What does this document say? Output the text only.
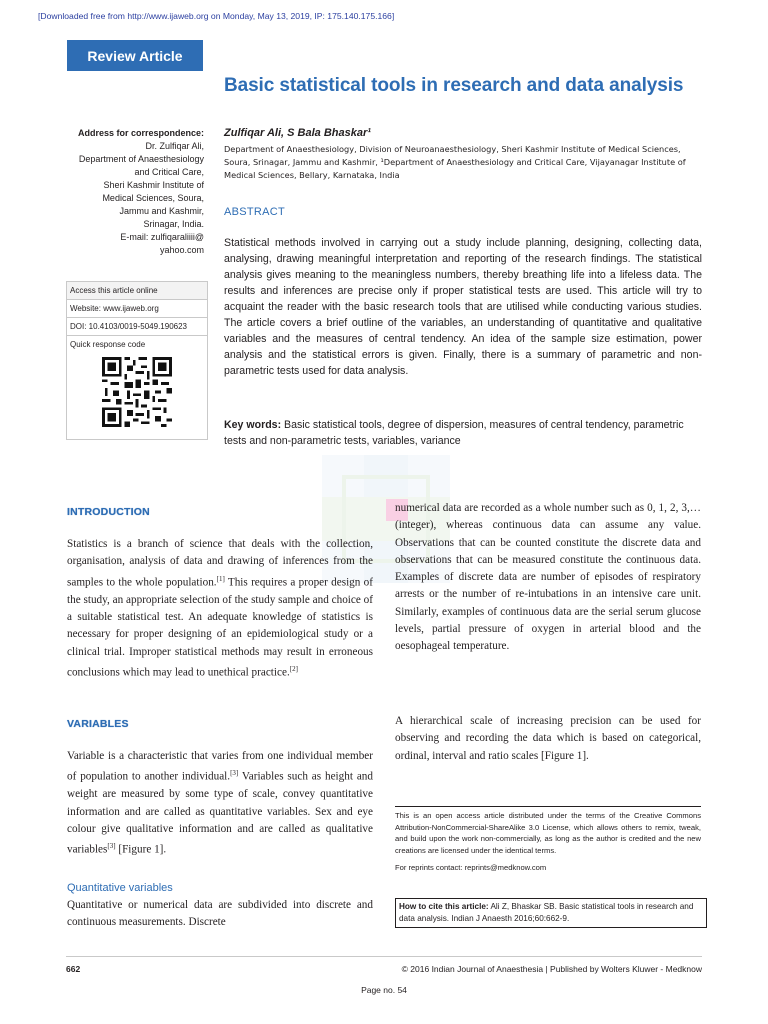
[Downloaded free from http://www.ijaweb.org on Monday, May 13, 2019, IP: 175.140.175.166]
Review Article
Basic statistical tools in research and data analysis
Address for correspondence:
Dr. Zulfiqar Ali,
Department of Anaesthesiology
and Critical Care,
Sheri Kashmir Institute of
Medical Sciences, Soura,
Jammu and Kashmir,
Srinagar, India.
E-mail: zulfiqaraliiii@
yahoo.com
Access this article online
Website: www.ijaweb.org
DOI: 10.4103/0019-5049.190623
Quick response code
Zulfiqar Ali, S Bala Bhaskar¹
Department of Anaesthesiology, Division of Neuroanaesthesiology, Sheri Kashmir Institute of Medical Sciences, Soura, Srinagar, Jammu and Kashmir, ¹Department of Anaesthesiology and Critical Care, Vijayanagar Institute of Medical Sciences, Bellary, Karnataka, India
ABSTRACT
Statistical methods involved in carrying out a study include planning, designing, collecting data, analysing, drawing meaningful interpretation and reporting of the research findings. The statistical analysis gives meaning to the meaningless numbers, thereby breathing life into a lifeless data. The results and inferences are precise only if proper statistical tests are used. This article will try to acquaint the reader with the basic research tools that are utilised while conducting various studies. The article covers a brief outline of the variables, an understanding of quantitative and qualitative variables and the measures of central tendency. An idea of the sample size estimation, power analysis and the statistical errors is given. Finally, there is a summary of parametric and non-parametric tests used for data analysis.
Key words: Basic statistical tools, degree of dispersion, measures of central tendency, parametric tests and non-parametric tests, variables, variance
INTRODUCTION
Statistics is a branch of science that deals with the collection, organisation, analysis of data and drawing of inferences from the samples to the whole population.[1] This requires a proper design of the study, an appropriate selection of the study sample and choice of a suitable statistical test. An adequate knowledge of statistics is necessary for proper designing of an epidemiological study or a clinical trial. Improper statistical methods may result in erroneous conclusions which may lead to unethical practice.[2]
VARIABLES
Variable is a characteristic that varies from one individual member of population to another individual.[3] Variables such as height and weight are measured by some type of scale, convey quantitative information and are called as quantitative variables. Sex and eye colour give qualitative information and are called as qualitative variables[3] [Figure 1].
Quantitative variables
Quantitative or numerical data are subdivided into discrete and continuous measurements. Discrete
numerical data are recorded as a whole number such as 0, 1, 2, 3,… (integer), whereas continuous data can assume any value. Observations that can be counted constitute the discrete data and observations that can be measured constitute the continuous data. Examples of discrete data are number of episodes of respiratory arrests or the number of re-intubations in an intensive care unit. Similarly, examples of continuous data are the serial serum glucose levels, partial pressure of oxygen in arterial blood and the oesophageal temperature.
A hierarchical scale of increasing precision can be used for observing and recording the data which is based on categorical, ordinal, interval and ratio scales [Figure 1].
This is an open access article distributed under the terms of the Creative Commons Attribution-NonCommercial-ShareAlike 3.0 License, which allows others to remix, tweak, and build upon the work non-commercially, as long as the author is credited and the new creations are licensed under the identical terms.
For reprints contact: reprints@medknow.com
How to cite this article: Ali Z, Bhaskar SB. Basic statistical tools in research and data analysis. Indian J Anaesth 2016;60:662-9.
662	© 2016 Indian Journal of Anaesthesia | Published by Wolters Kluwer - Medknow
Page no. 54
